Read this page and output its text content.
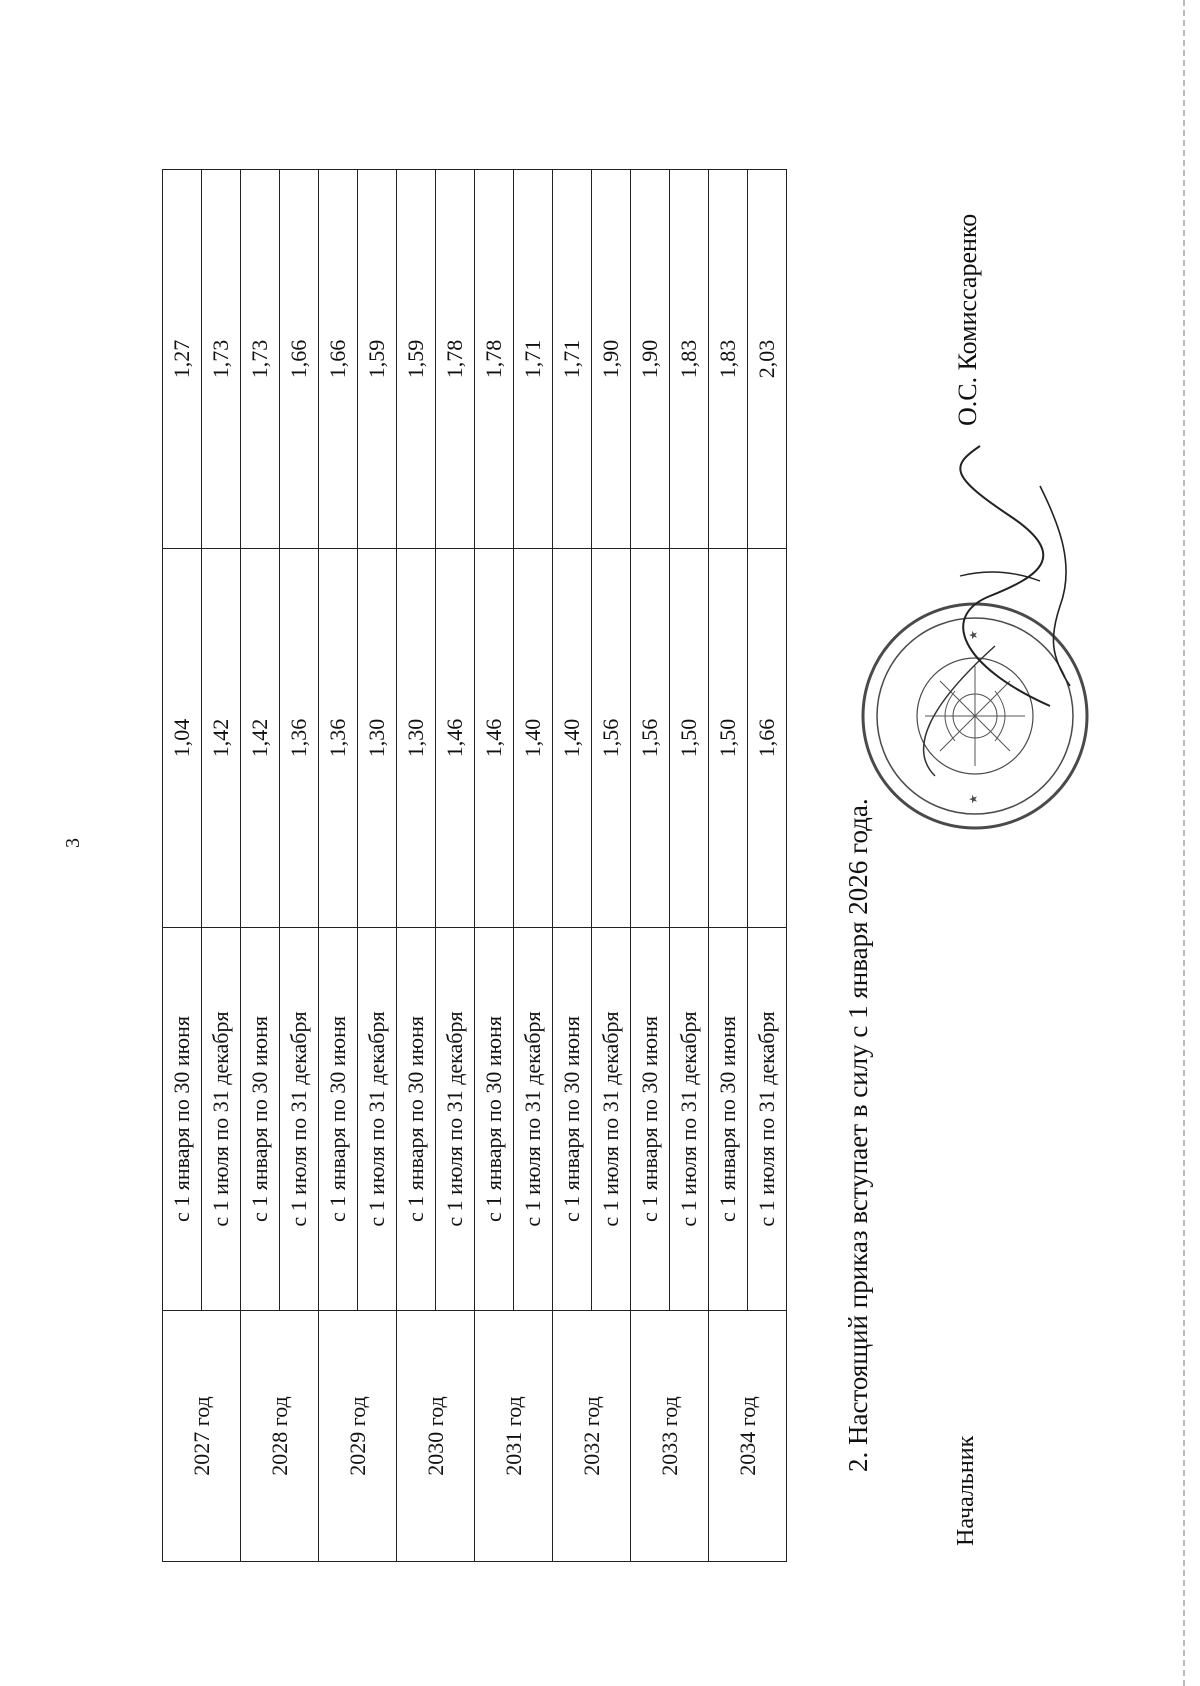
3
2027 год	с 1 января по 30 июня	1,04	1,27
	с 1 июля по 31 декабря	1,42	1,73
2028 год	с 1 января по 30 июня	1,42	1,73
	с 1 июля по 31 декабря	1,36	1,66
2029 год	с 1 января по 30 июня	1,36	1,66
	с 1 июля по 31 декабря	1,30	1,59
2030 год	с 1 января по 30 июня	1,30	1,59
	с 1 июля по 31 декабря	1,46	1,78
2031 год	с 1 января по 30 июня	1,46	1,78
	с 1 июля по 31 декабря	1,40	1,71
2032 год	с 1 января по 30 июня	1,40	1,71
	с 1 июля по 31 декабря	1,56	1,90
2033 год	с 1 января по 30 июня	1,56	1,90
	с 1 июля по 31 декабря	1,50	1,83
2034 год	с 1 января по 30 июня	1,50	1,83
	с 1 июля по 31 декабря	1,66	2,03
2. Настоящий приказ вступает в силу с 1 января 2026 года.
Начальник
★
★
О.С. Комиссаренко
